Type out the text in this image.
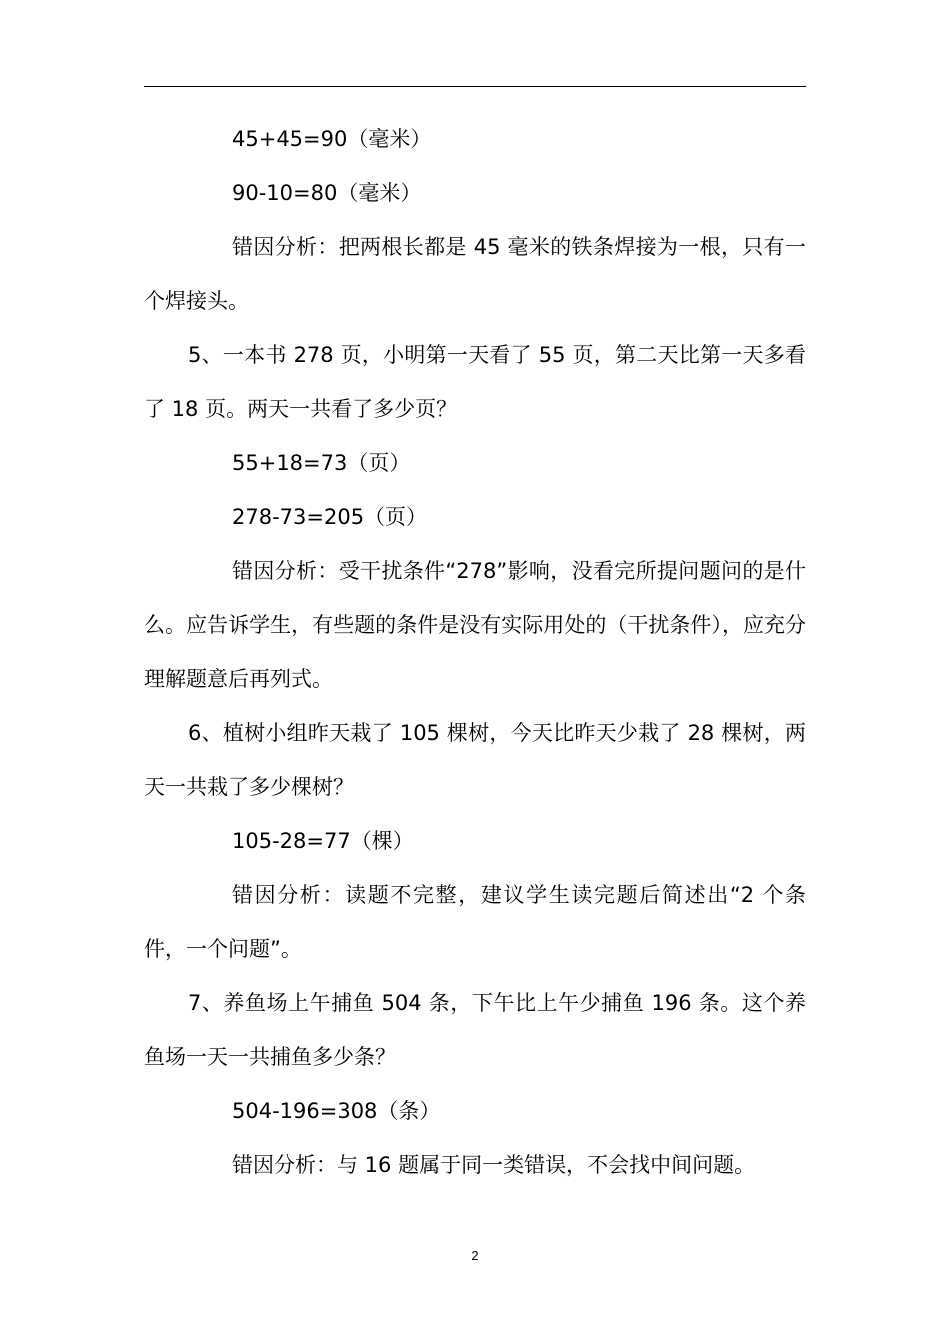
45+45=90（毫米）

90-10=80（毫米）

错因分析：把两根长都是 45 毫米的铁条焊接为一根，只有一个焊接头。

5、一本书 278 页，小明第一天看了 55 页，第二天比第一天多看了 18 页。两天一共看了多少页？

55+18=73（页）

278-73=205（页）

错因分析：受干扰条件“278”影响，没看完所提问题问的是什么。应告诉学生，有些题的条件是没有实际用处的（干扰条件），应充分理解题意后再列式。

6、植树小组昨天栽了 105 棵树，今天比昨天少栽了 28 棵树，两天一共栽了多少棵树？

105-28=77（棵）

错因分析：读题不完整，建议学生读完题后简述出“2 个条件，一个问题”。

7、养鱼场上午捕鱼 504 条，下午比上午少捕鱼 196 条。这个养鱼场一天一共捕鱼多少条？

504-196=308（条）

错因分析：与 16 题属于同一类错误，不会找中间问题。

2
